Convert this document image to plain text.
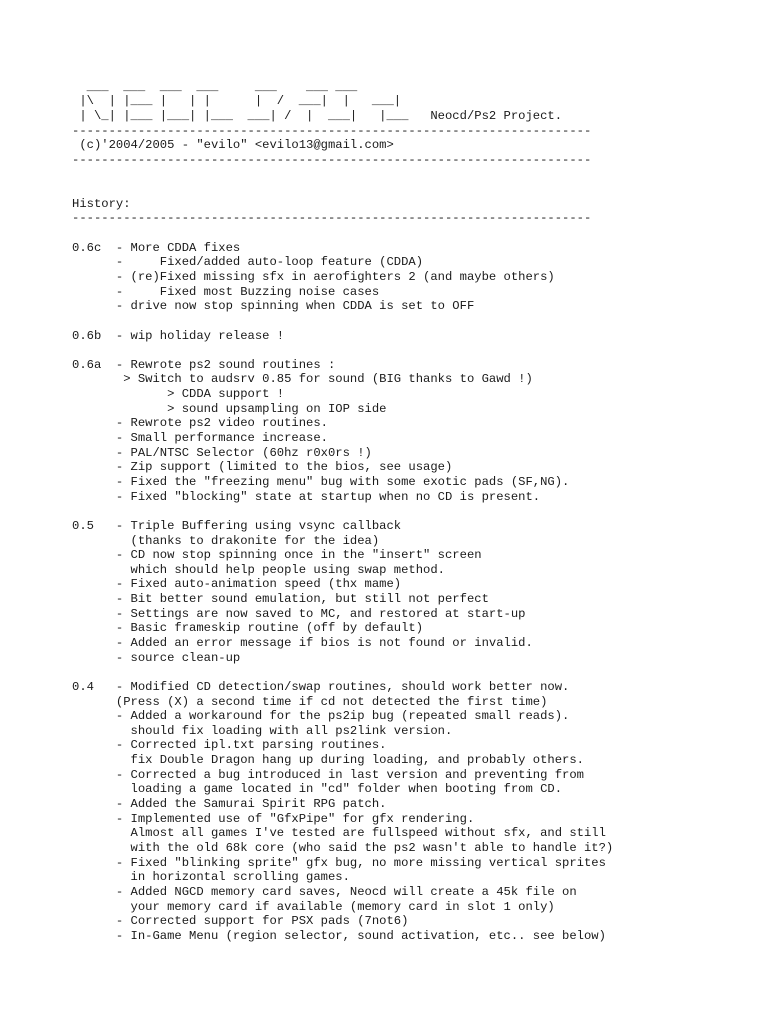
___  ___  ___  ___     ___    ___ ___
|\  | |___ |   | |      |  /  ___|  |   ___|
| \_| |___ |___| |___  ___| /  |  ___|   |___   Neocd/Ps2 Project.
-----------------------------------------------------------------------
(c)'2004/2005 - "evilo" <evilo13@gmail.com>
-----------------------------------------------------------------------
History:
-----------------------------------------------------------------------
0.6c  - More CDDA fixes
-     Fixed/added auto-loop feature (CDDA)
- (re)Fixed missing sfx in aerofighters 2 (and maybe others)
-     Fixed most Buzzing noise cases
- drive now stop spinning when CDDA is set to OFF
0.6b  - wip holiday release !
0.6a  - Rewrote ps2 sound routines :
> Switch to audsrv 0.85 for sound (BIG thanks to Gawd !)
> CDDA support !
> sound upsampling on IOP side
- Rewrote ps2 video routines.
- Small performance increase.
- PAL/NTSC Selector (60hz r0x0rs !)
- Zip support (limited to the bios, see usage)
- Fixed the "freezing menu" bug with some exotic pads (SF,NG).
- Fixed "blocking" state at startup when no CD is present.
0.5   - Triple Buffering using vsync callback
(thanks to drakonite for the idea)
- CD now stop spinning once in the "insert" screen
which should help people using swap method.
- Fixed auto-animation speed (thx mame)
- Bit better sound emulation, but still not perfect
- Settings are now saved to MC, and restored at start-up
- Basic frameskip routine (off by default)
- Added an error message if bios is not found or invalid.
- source clean-up
0.4   - Modified CD detection/swap routines, should work better now.
(Press (X) a second time if cd not detected the first time)
- Added a workaround for the ps2ip bug (repeated small reads).
should fix loading with all ps2link version.
- Corrected ipl.txt parsing routines.
fix Double Dragon hang up during loading, and probably others.
- Corrected a bug introduced in last version and preventing from
loading a game located in "cd" folder when booting from CD.
- Added the Samurai Spirit RPG patch.
- Implemented use of "GfxPipe" for gfx rendering.
Almost all games I've tested are fullspeed without sfx, and still
with the old 68k core (who said the ps2 wasn't able to handle it?)
- Fixed "blinking sprite" gfx bug, no more missing vertical sprites
in horizontal scrolling games.
- Added NGCD memory card saves, Neocd will create a 45k file on
your memory card if available (memory card in slot 1 only)
- Corrected support for PSX pads (7not6)
- In-Game Menu (region selector, sound activation, etc.. see below)
